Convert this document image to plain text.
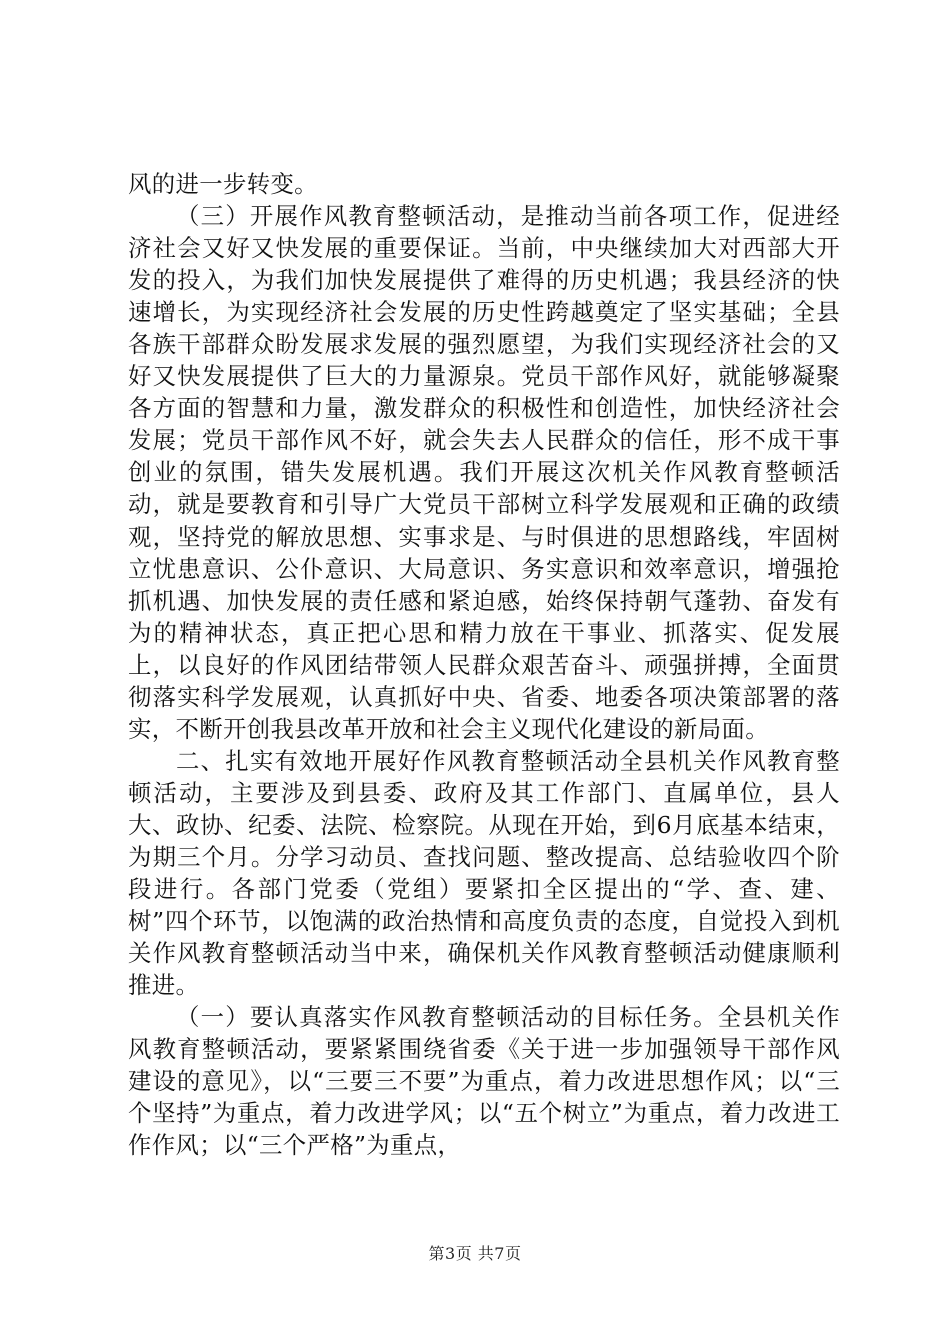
风的进一步转变。

（三）开展作风教育整顿活动，是推动当前各项工作，促进经济社会又好又快发展的重要保证。当前，中央继续加大对西部大开发的投入，为我们加快发展提供了难得的历史机遇；我县经济的快速增长，为实现经济社会发展的历史性跨越奠定了坚实基础；全县各族干部群众盼发展求发展的强烈愿望，为我们实现经济社会的又好又快发展提供了巨大的力量源泉。党员干部作风好，就能够凝聚各方面的智慧和力量，激发群众的积极性和创造性，加快经济社会发展；党员干部作风不好，就会失去人民群众的信任，形不成干事创业的氛围，错失发展机遇。我们开展这次机关作风教育整顿活动，就是要教育和引导广大党员干部树立科学发展观和正确的政绩观，坚持党的解放思想、实事求是、与时俱进的思想路线，牢固树立忧患意识、公仆意识、大局意识、务实意识和效率意识，增强抢抓机遇、加快发展的责任感和紧迫感，始终保持朝气蓬勃、奋发有为的精神状态，真正把心思和精力放在干事业、抓落实、促发展上，以良好的作风团结带领人民群众艰苦奋斗、顽强拼搏，全面贯彻落实科学发展观，认真抓好中央、省委、地委各项决策部署的落实，不断开创我县改革开放和社会主义现代化建设的新局面。

二、扎实有效地开展好作风教育整顿活动全县机关作风教育整顿活动，主要涉及到县委、政府及其工作部门、直属单位，县人大、政协、纪委、法院、检察院。从现在开始，到6月底基本结束，为期三个月。分学习动员、查找问题、整改提高、总结验收四个阶段进行。各部门党委（党组）要紧扣全区提出的“学、查、建、树”四个环节，以饱满的政治热情和高度负责的态度，自觉投入到机关作风教育整顿活动当中来，确保机关作风教育整顿活动健康顺利推进。

（一）要认真落实作风教育整顿活动的目标任务。全县机关作风教育整顿活动，要紧紧围绕省委《关于进一步加强领导干部作风建设的意见》，以“三要三不要”为重点，着力改进思想作风；以“三个坚持”为重点，着力改进学风；以“五个树立”为重点，着力改进工作作风；以“三个严格”为重点，

第3页 共7页
